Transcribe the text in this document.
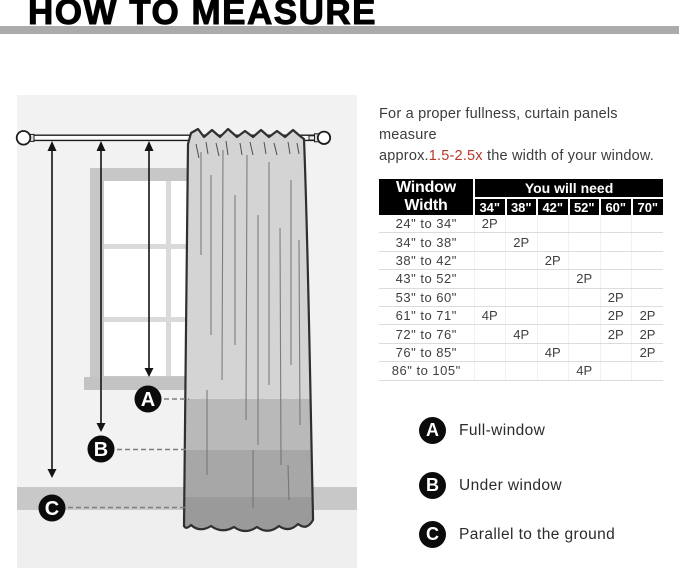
HOW TO MEASURE
A
B
C
For a proper fullness, curtain panels measure
approx.1.5-2.5x the width of your window.
Window Width	You will need					
	34"	38"	42"	52"	60"	70"
24" to 34"	2P					
34" to 38"		2P				
38" to 42"			2P			
43" to 52"				2P		
53" to 60"					2P	
61" to 71"	4P				2P	2P
72" to 76"		4P			2P	2P
76" to 85"			4P			2P
86" to 105"				4P		
A	Full-window
B	Under window
C	Parallel to the ground
